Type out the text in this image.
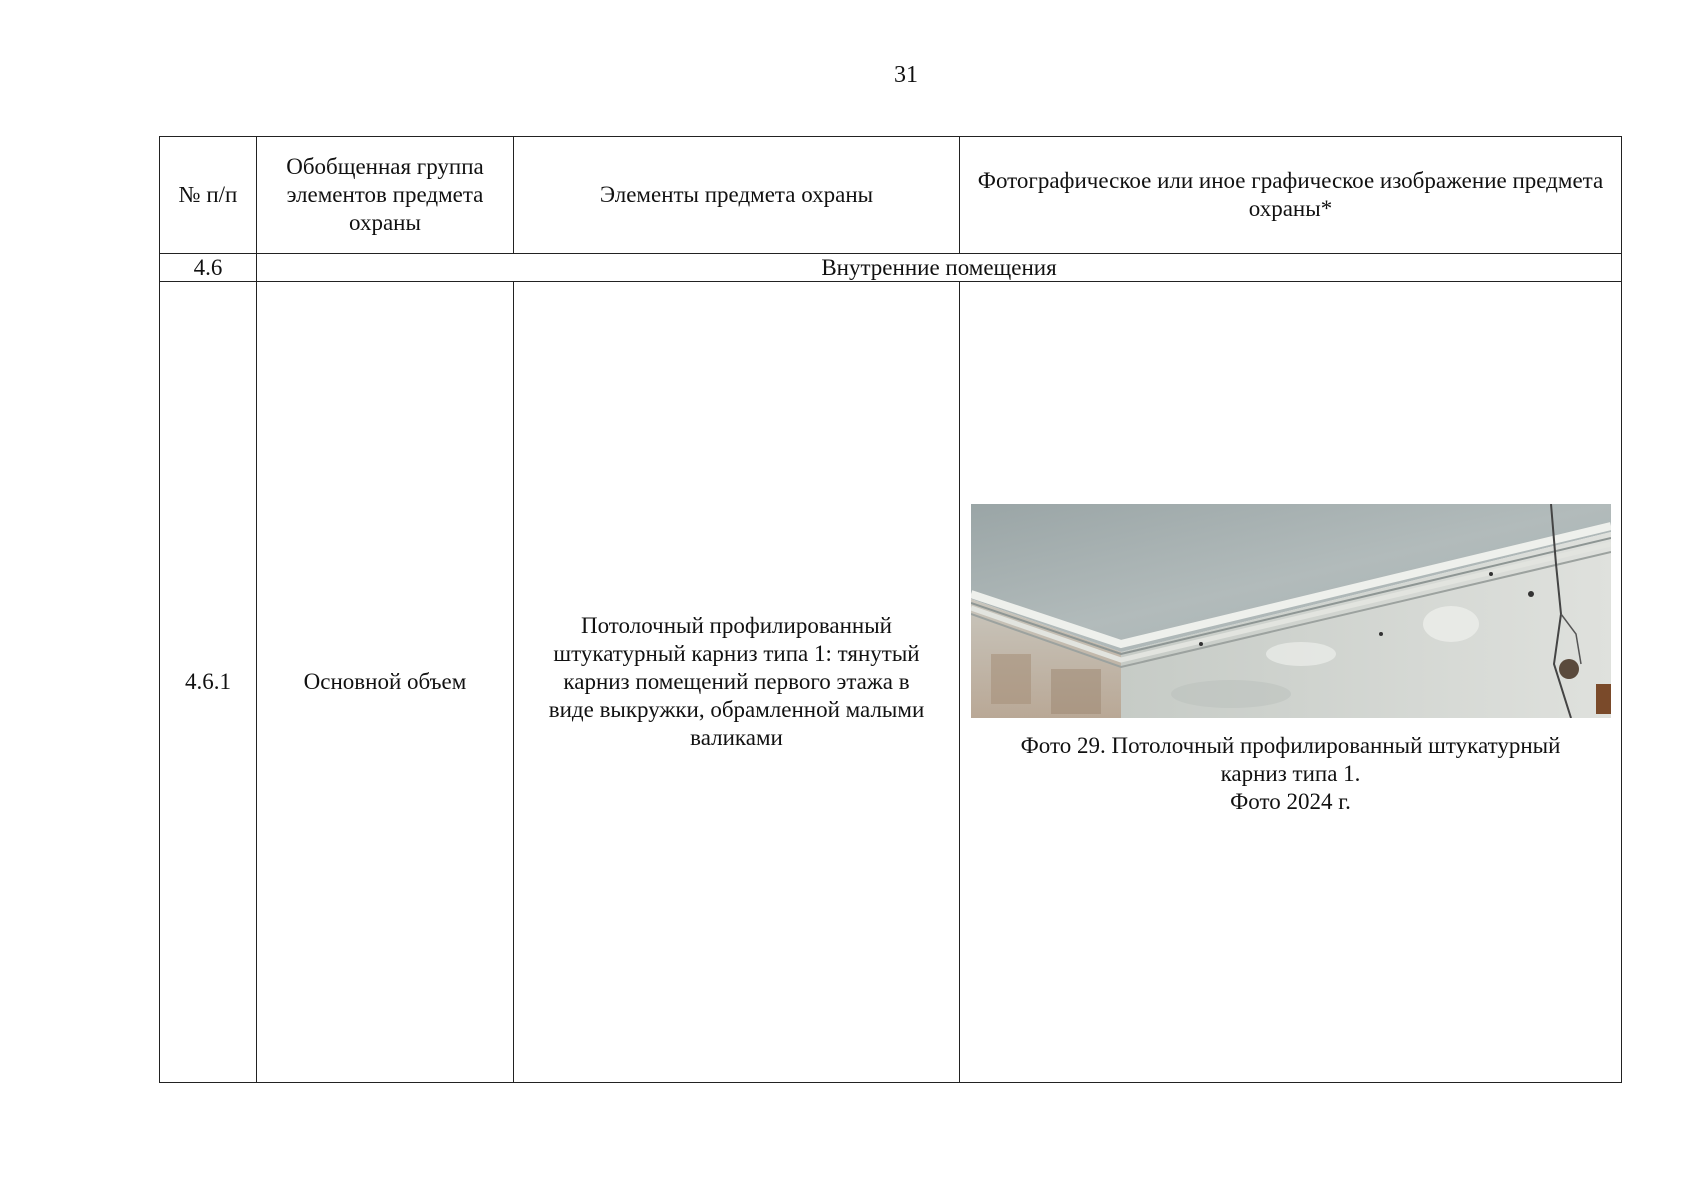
31
№ п/п	Обобщенная группа элементов предмета охраны	Элементы предмета охраны	Фотографическое или иное графическое изображение предмета охраны*
4.6	Внутренние помещения		
4.6.1	Основной объем	Потолочный профилированный штукатурный карниз типа 1: тянутый карниз помещений первого этажа в виде выкружки, обрамленной малыми валиками	Фото 29. Потолочный профилированный штукатурный
карниз типа 1.
Фото 2024 г.
